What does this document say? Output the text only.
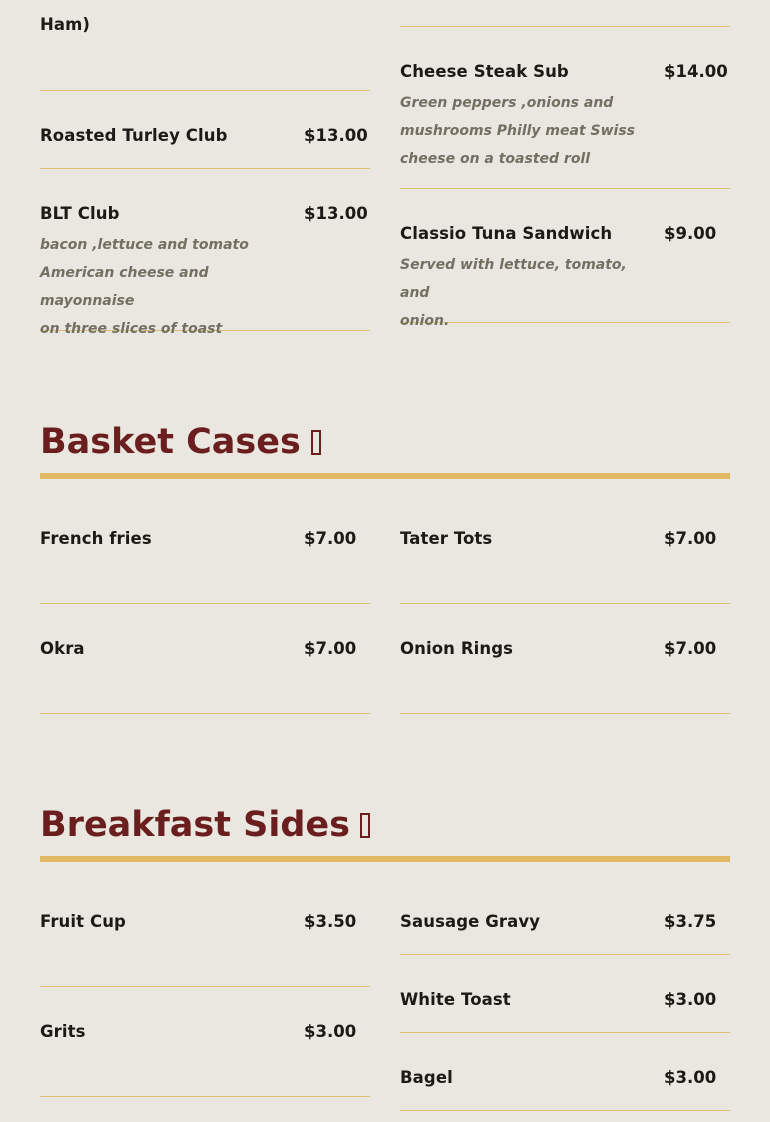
Ham)
Roasted Turley Club	$13.00
BLT Club	$13.00
bacon ,lettuce and tomato
American cheese and mayonnaise
on three slices of toast
Cheese Steak Sub	$14.00
Green peppers ,onions and
mushrooms Philly meat Swiss
cheese on a toasted roll
Classio Tuna Sandwich	$9.00
Served with lettuce, tomato, and
onion.
Basket Cases
French fries	$7.00
Okra	$7.00
Tater Tots	$7.00
Onion Rings	$7.00
Breakfast Sides
Fruit Cup	$3.50
Grits	$3.00
Sausage Gravy	$3.75
White Toast	$3.00
Bagel	$3.00
